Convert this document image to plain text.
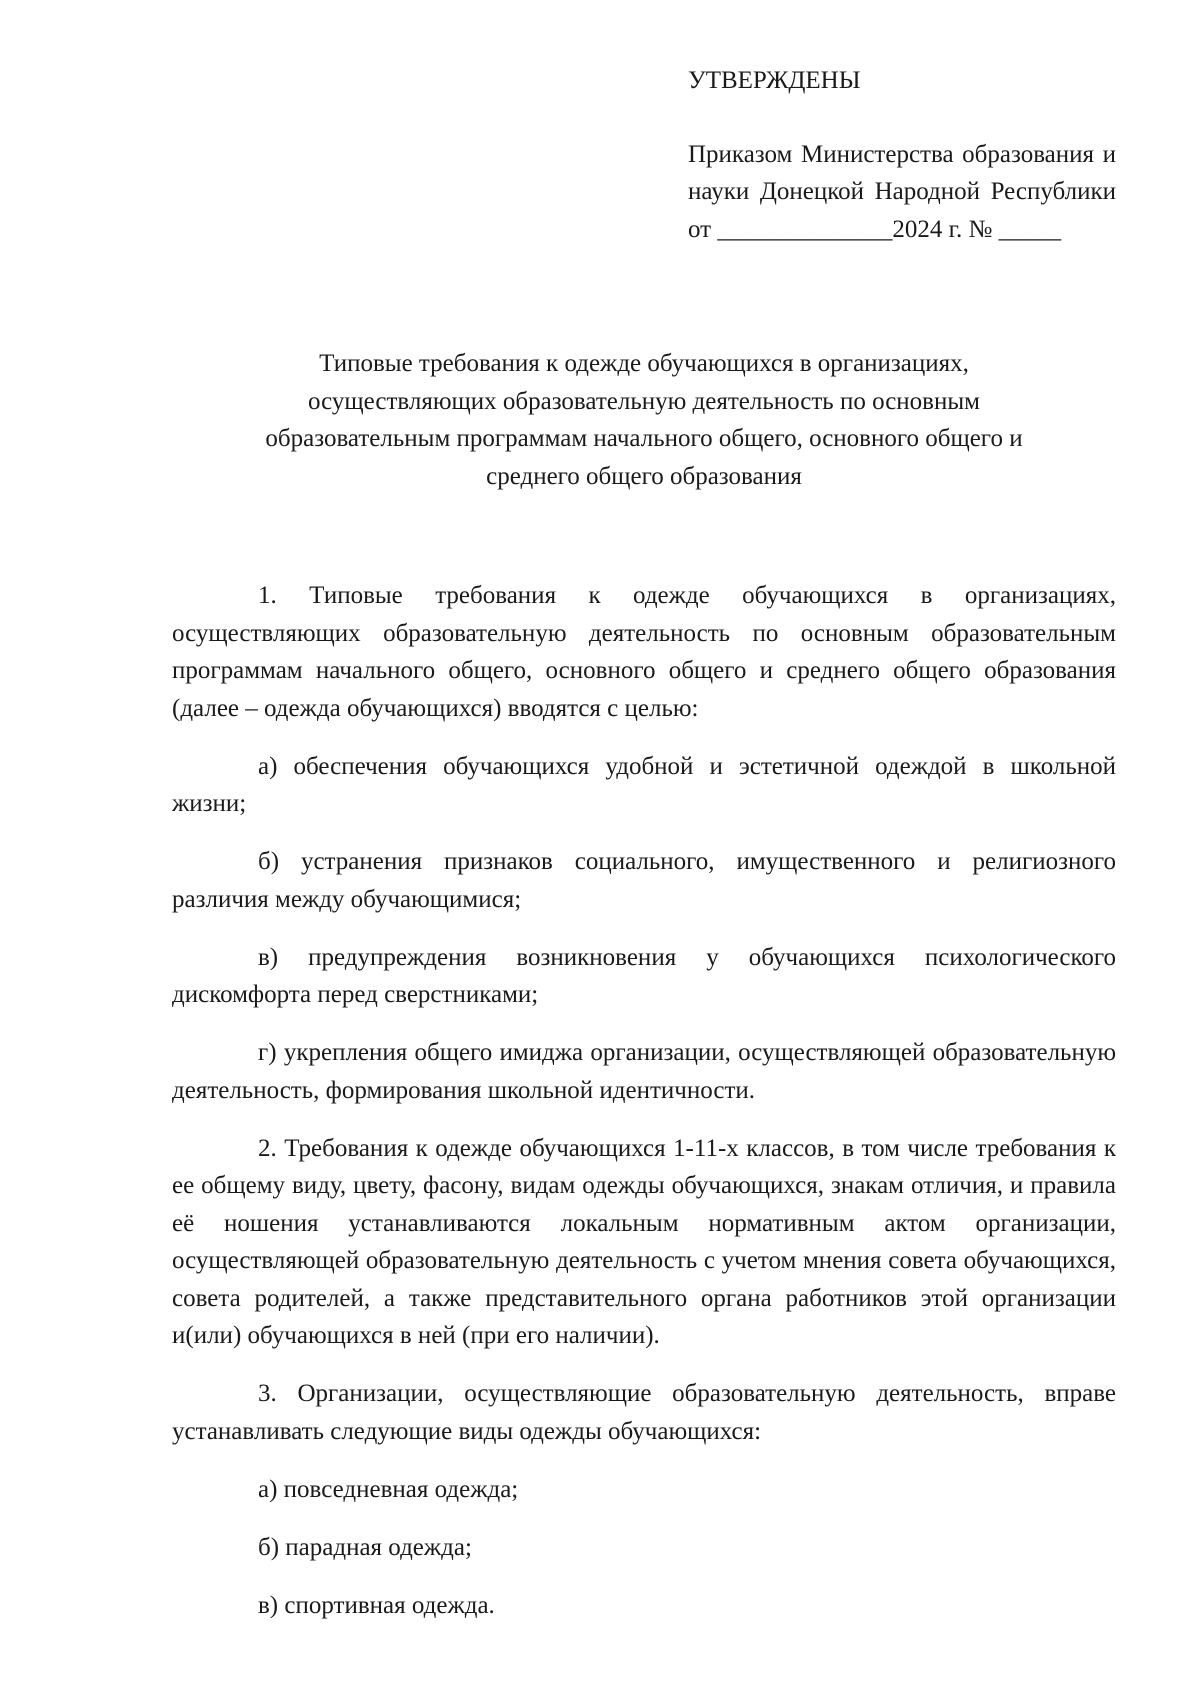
УТВЕРЖДЕНЫ

Приказом Министерства образования и науки Донецкой Народной Республики

от ______________2024 г. № _____

Типовые требования к одежде обучающихся в организациях,
осуществляющих образовательную деятельность по основным
образовательным программам начального общего, основного общего и
среднего общего образования

1. Типовые требования к одежде обучающихся в организациях, осуществляющих образовательную деятельность по основным образовательным программам начального общего, основного общего и среднего общего образования (далее – одежда обучающихся) вводятся с целью:

а) обеспечения обучающихся удобной и эстетичной одеждой в школьной жизни;

б) устранения признаков социального, имущественного и религиозного различия между обучающимися;

в) предупреждения возникновения у обучающихся психологического дискомфорта перед сверстниками;

г) укрепления общего имиджа организации, осуществляющей образовательную деятельность, формирования школьной идентичности.

2. Требования к одежде обучающихся 1-11-х классов, в том числе требования к ее общему виду, цвету, фасону, видам одежды обучающихся, знакам отличия, и правила её ношения устанавливаются локальным нормативным актом организации, осуществляющей образовательную деятельность с учетом мнения совета обучающихся, совета родителей, а также представительного органа работников этой организации и(или) обучающихся в ней (при его наличии).

3. Организации, осуществляющие образовательную деятельность, вправе устанавливать следующие виды одежды обучающихся:

а) повседневная одежда;

б) парадная одежда;

в) спортивная одежда.
